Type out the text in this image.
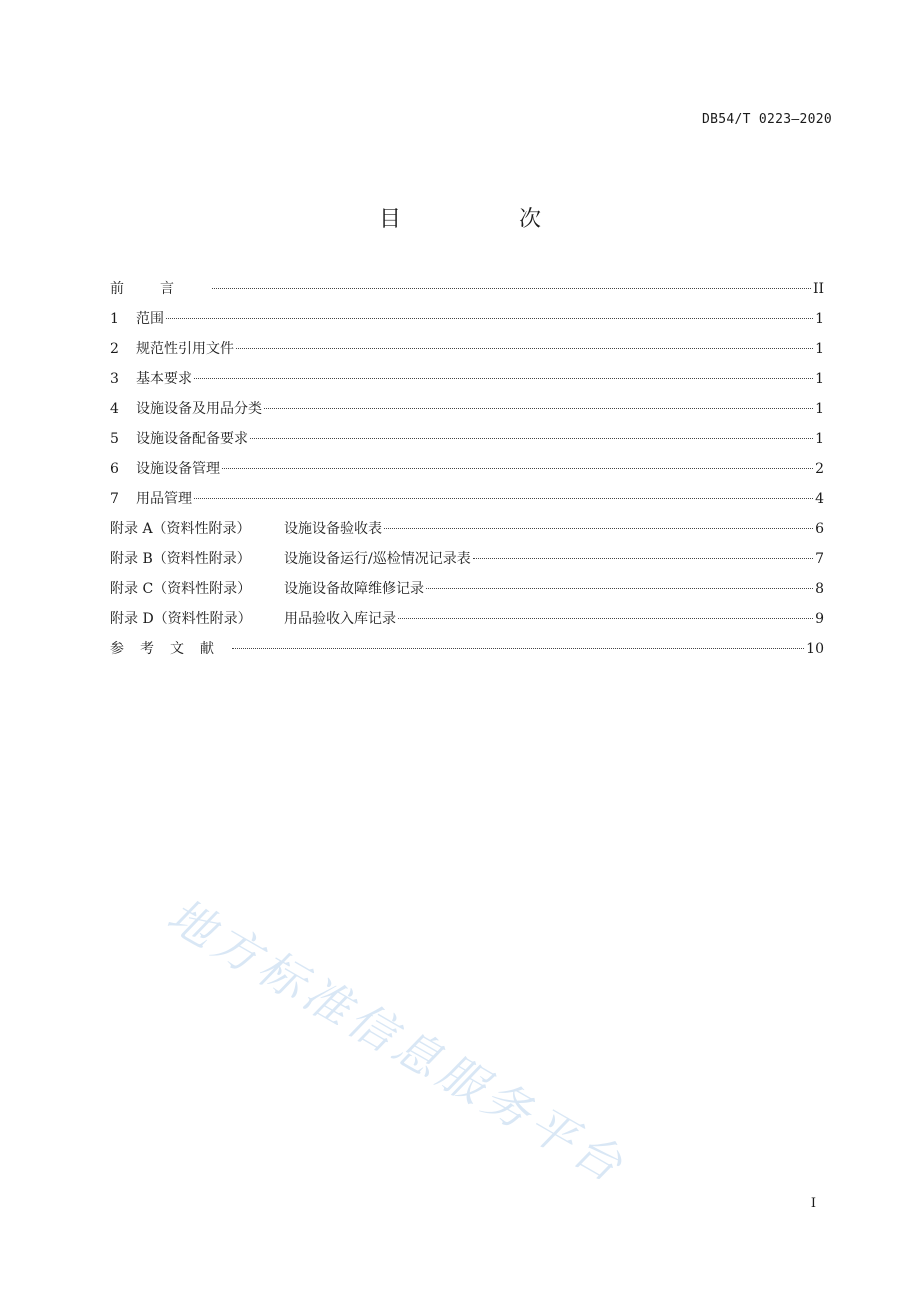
DB54/T 0223—2020
目　次
前言	II
1	范围	1
2	规范性引用文件	1
3	基本要求	1
4	设施设备及用品分类	1
5	设施设备配备要求	1
6	设施设备管理	2
7	用品管理	4
附录 A（资料性附录）	设施设备验收表	6
附录 B（资料性附录）	设施设备运行/巡检情况记录表	7
附录 C（资料性附录）	设施设备故障维修记录	8
附录 D（资料性附录）	用品验收入库记录	9
参考文献	10
地方标准信息服务平台
I
